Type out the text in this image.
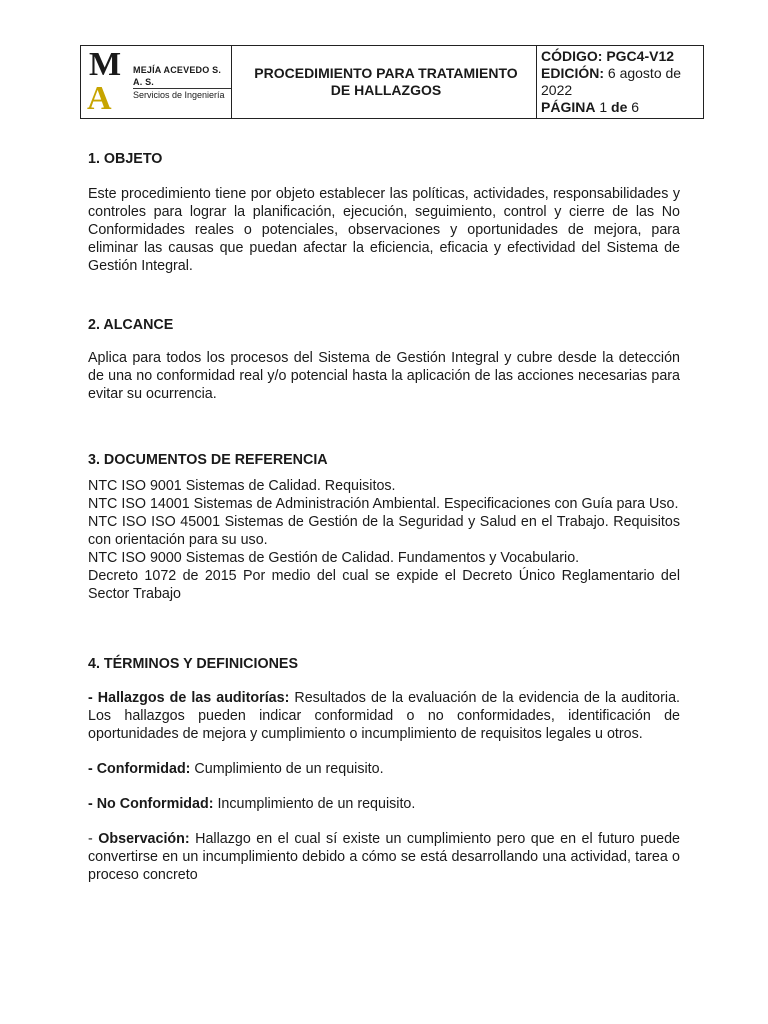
MA
MEJÍA ACEVEDO S. A. S.
Servicios de Ingeniería

PROCEDIMIENTO PARA TRATAMIENTO
DE HALLAZGOS

CÓDIGO: PGC4-V12
EDICIÓN: 6 agosto de 2022
PÁGINA 1 de 6
1. OBJETO

Este procedimiento tiene por objeto establecer las políticas, actividades, responsabilidades y controles para lograr la planificación, ejecución, seguimiento, control y cierre de las No Conformidades reales o potenciales, observaciones y oportunidades de mejora, para eliminar las causas que puedan afectar la eficiencia, eficacia y efectividad del Sistema de Gestión Integral.

2. ALCANCE

Aplica para todos los procesos del Sistema de Gestión Integral y cubre desde la detección de una no conformidad real y/o potencial hasta la aplicación de las acciones necesarias para evitar su ocurrencia.

3. DOCUMENTOS DE REFERENCIA

NTC ISO 9001 Sistemas de Calidad. Requisitos.

NTC ISO 14001 Sistemas de Administración Ambiental. Especificaciones con Guía para Uso.

NTC ISO ISO 45001 Sistemas de Gestión de la Seguridad y Salud en el Trabajo. Requisitos con orientación para su uso.

NTC ISO 9000 Sistemas de Gestión de Calidad. Fundamentos y Vocabulario.

Decreto 1072 de 2015 Por medio del cual se expide el Decreto Único Reglamentario del Sector Trabajo

4. TÉRMINOS Y DEFINICIONES

- Hallazgos de las auditorías: Resultados de la evaluación de la evidencia de la auditoria. Los hallazgos pueden indicar conformidad o no conformidades, identificación de oportunidades de mejora y cumplimiento o incumplimiento de requisitos legales u otros.

- Conformidad: Cumplimiento de un requisito.

- No Conformidad: Incumplimiento de un requisito.

- Observación: Hallazgo en el cual sí existe un cumplimiento pero que en el futuro puede convertirse en un incumplimiento debido a cómo se está desarrollando una actividad, tarea o proceso concreto
